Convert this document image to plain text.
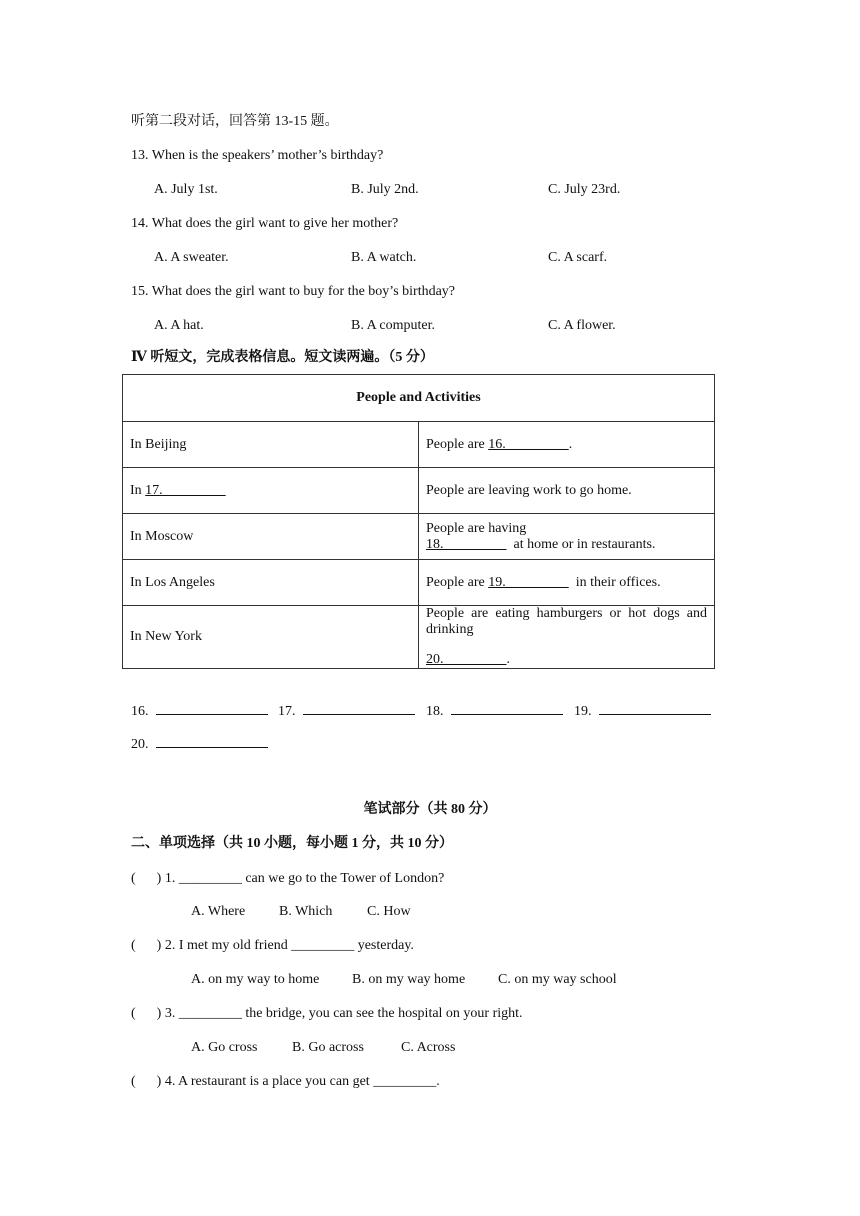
听第二段对话，回答第 13-15 题。
13. When is the speakers’ mother’s birthday?
A. July 1st.	B. July 2nd.	C. July 23rd.
14. What does the girl want to give her mother?
A. A sweater.	B. A watch.	C. A scarf.
15. What does the girl want to buy for the boy’s birthday?
A. A hat.	B. A computer.	C. A flower.
Ⅳ 听短文，完成表格信息。短文读两遍。（5 分）
People and Activities	
In Beijing	People are 16.                  .
In 17.	People are leaving work to go home.
In Moscow	People are having 18.                    at home or in restaurants.
In Los Angeles	People are 19.                    in their offices.
In New York	People are eating hamburgers or hot dogs and drinking
20.                  .
16.	17.	18.	19.
20.
笔试部分（共 80 分）
二、单项选择（共 10 小题，每小题 1 分，共 10 分）
(      ) 1. _________ can we go to the Tower of London?
A. Where B. Which C. How
(      ) 2. I met my old friend _________ yesterday.
A. on my way to home B. on my way home C. on my way school
(      ) 3. _________ the bridge, you can see the hospital on your right.
A. Go cross B. Go across	C. Across
(      ) 4. A restaurant is a place you can get _________.
